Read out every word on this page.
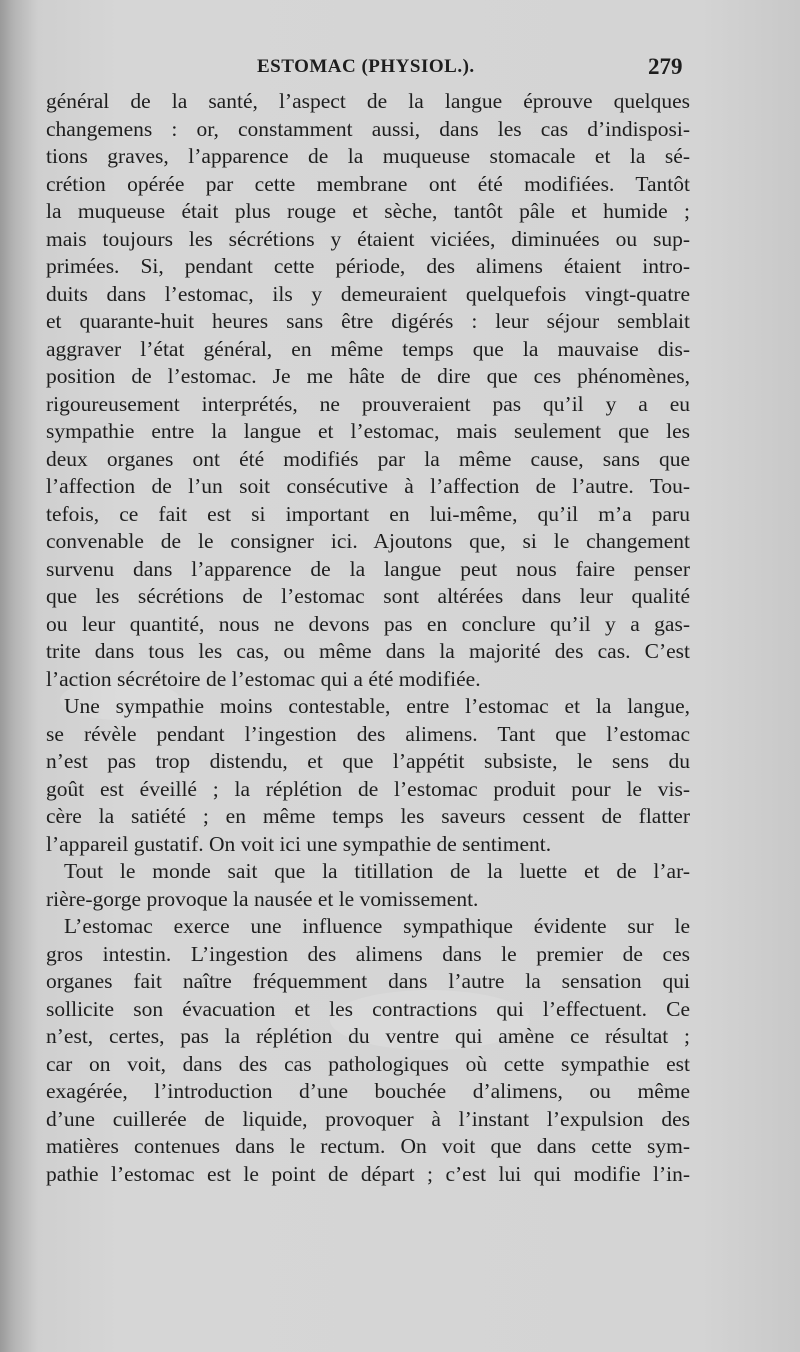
ESTOMAC (PHYSIOL.).	279
général de la santé, l’aspect de la langue éprouve quelques
changemens : or, constamment aussi, dans les cas d’indisposi-
tions graves, l’apparence de la muqueuse stomacale et la sé-
crétion opérée par cette membrane ont été modifiées. Tantôt
la muqueuse était plus rouge et sèche, tantôt pâle et humide ;
mais toujours les sécrétions y étaient viciées, diminuées ou sup-
primées. Si, pendant cette période, des alimens étaient intro-
duits dans l’estomac, ils y demeuraient quelquefois vingt-quatre
et quarante-huit heures sans être digérés : leur séjour semblait
aggraver l’état général, en même temps que la mauvaise dis-
position de l’estomac. Je me hâte de dire que ces phénomènes,
rigoureusement interprétés, ne prouveraient pas qu’il y a eu
sympathie entre la langue et l’estomac, mais seulement que les
deux organes ont été modifiés par la même cause, sans que
l’affection de l’un soit consécutive à l’affection de l’autre. Tou-
tefois, ce fait est si important en lui-même, qu’il m’a paru
convenable de le consigner ici. Ajoutons que, si le changement
survenu dans l’apparence de la langue peut nous faire penser
que les sécrétions de l’estomac sont altérées dans leur qualité
ou leur quantité, nous ne devons pas en conclure qu’il y a gas-
trite dans tous les cas, ou même dans la majorité des cas. C’est
l’action sécrétoire de l’estomac qui a été modifiée.
Une sympathie moins contestable, entre l’estomac et la langue,
se révèle pendant l’ingestion des alimens. Tant que l’estomac
n’est pas trop distendu, et que l’appétit subsiste, le sens du
goût est éveillé ; la réplétion de l’estomac produit pour le vis-
cère la satiété ; en même temps les saveurs cessent de flatter
l’appareil gustatif. On voit ici une sympathie de sentiment.
Tout le monde sait que la titillation de la luette et de l’ar-
rière-gorge provoque la nausée et le vomissement.
L’estomac exerce une influence sympathique évidente sur le
gros intestin. L’ingestion des alimens dans le premier de ces
organes fait naître fréquemment dans l’autre la sensation qui
sollicite son évacuation et les contractions qui l’effectuent. Ce
n’est, certes, pas la réplétion du ventre qui amène ce résultat ;
car on voit, dans des cas pathologiques où cette sympathie est
exagérée, l’introduction d’une bouchée d’alimens, ou même
d’une cuillerée de liquide, provoquer à l’instant l’expulsion des
matières contenues dans le rectum. On voit que dans cette sym-
pathie l’estomac est le point de départ ; c’est lui qui modifie l’in-
